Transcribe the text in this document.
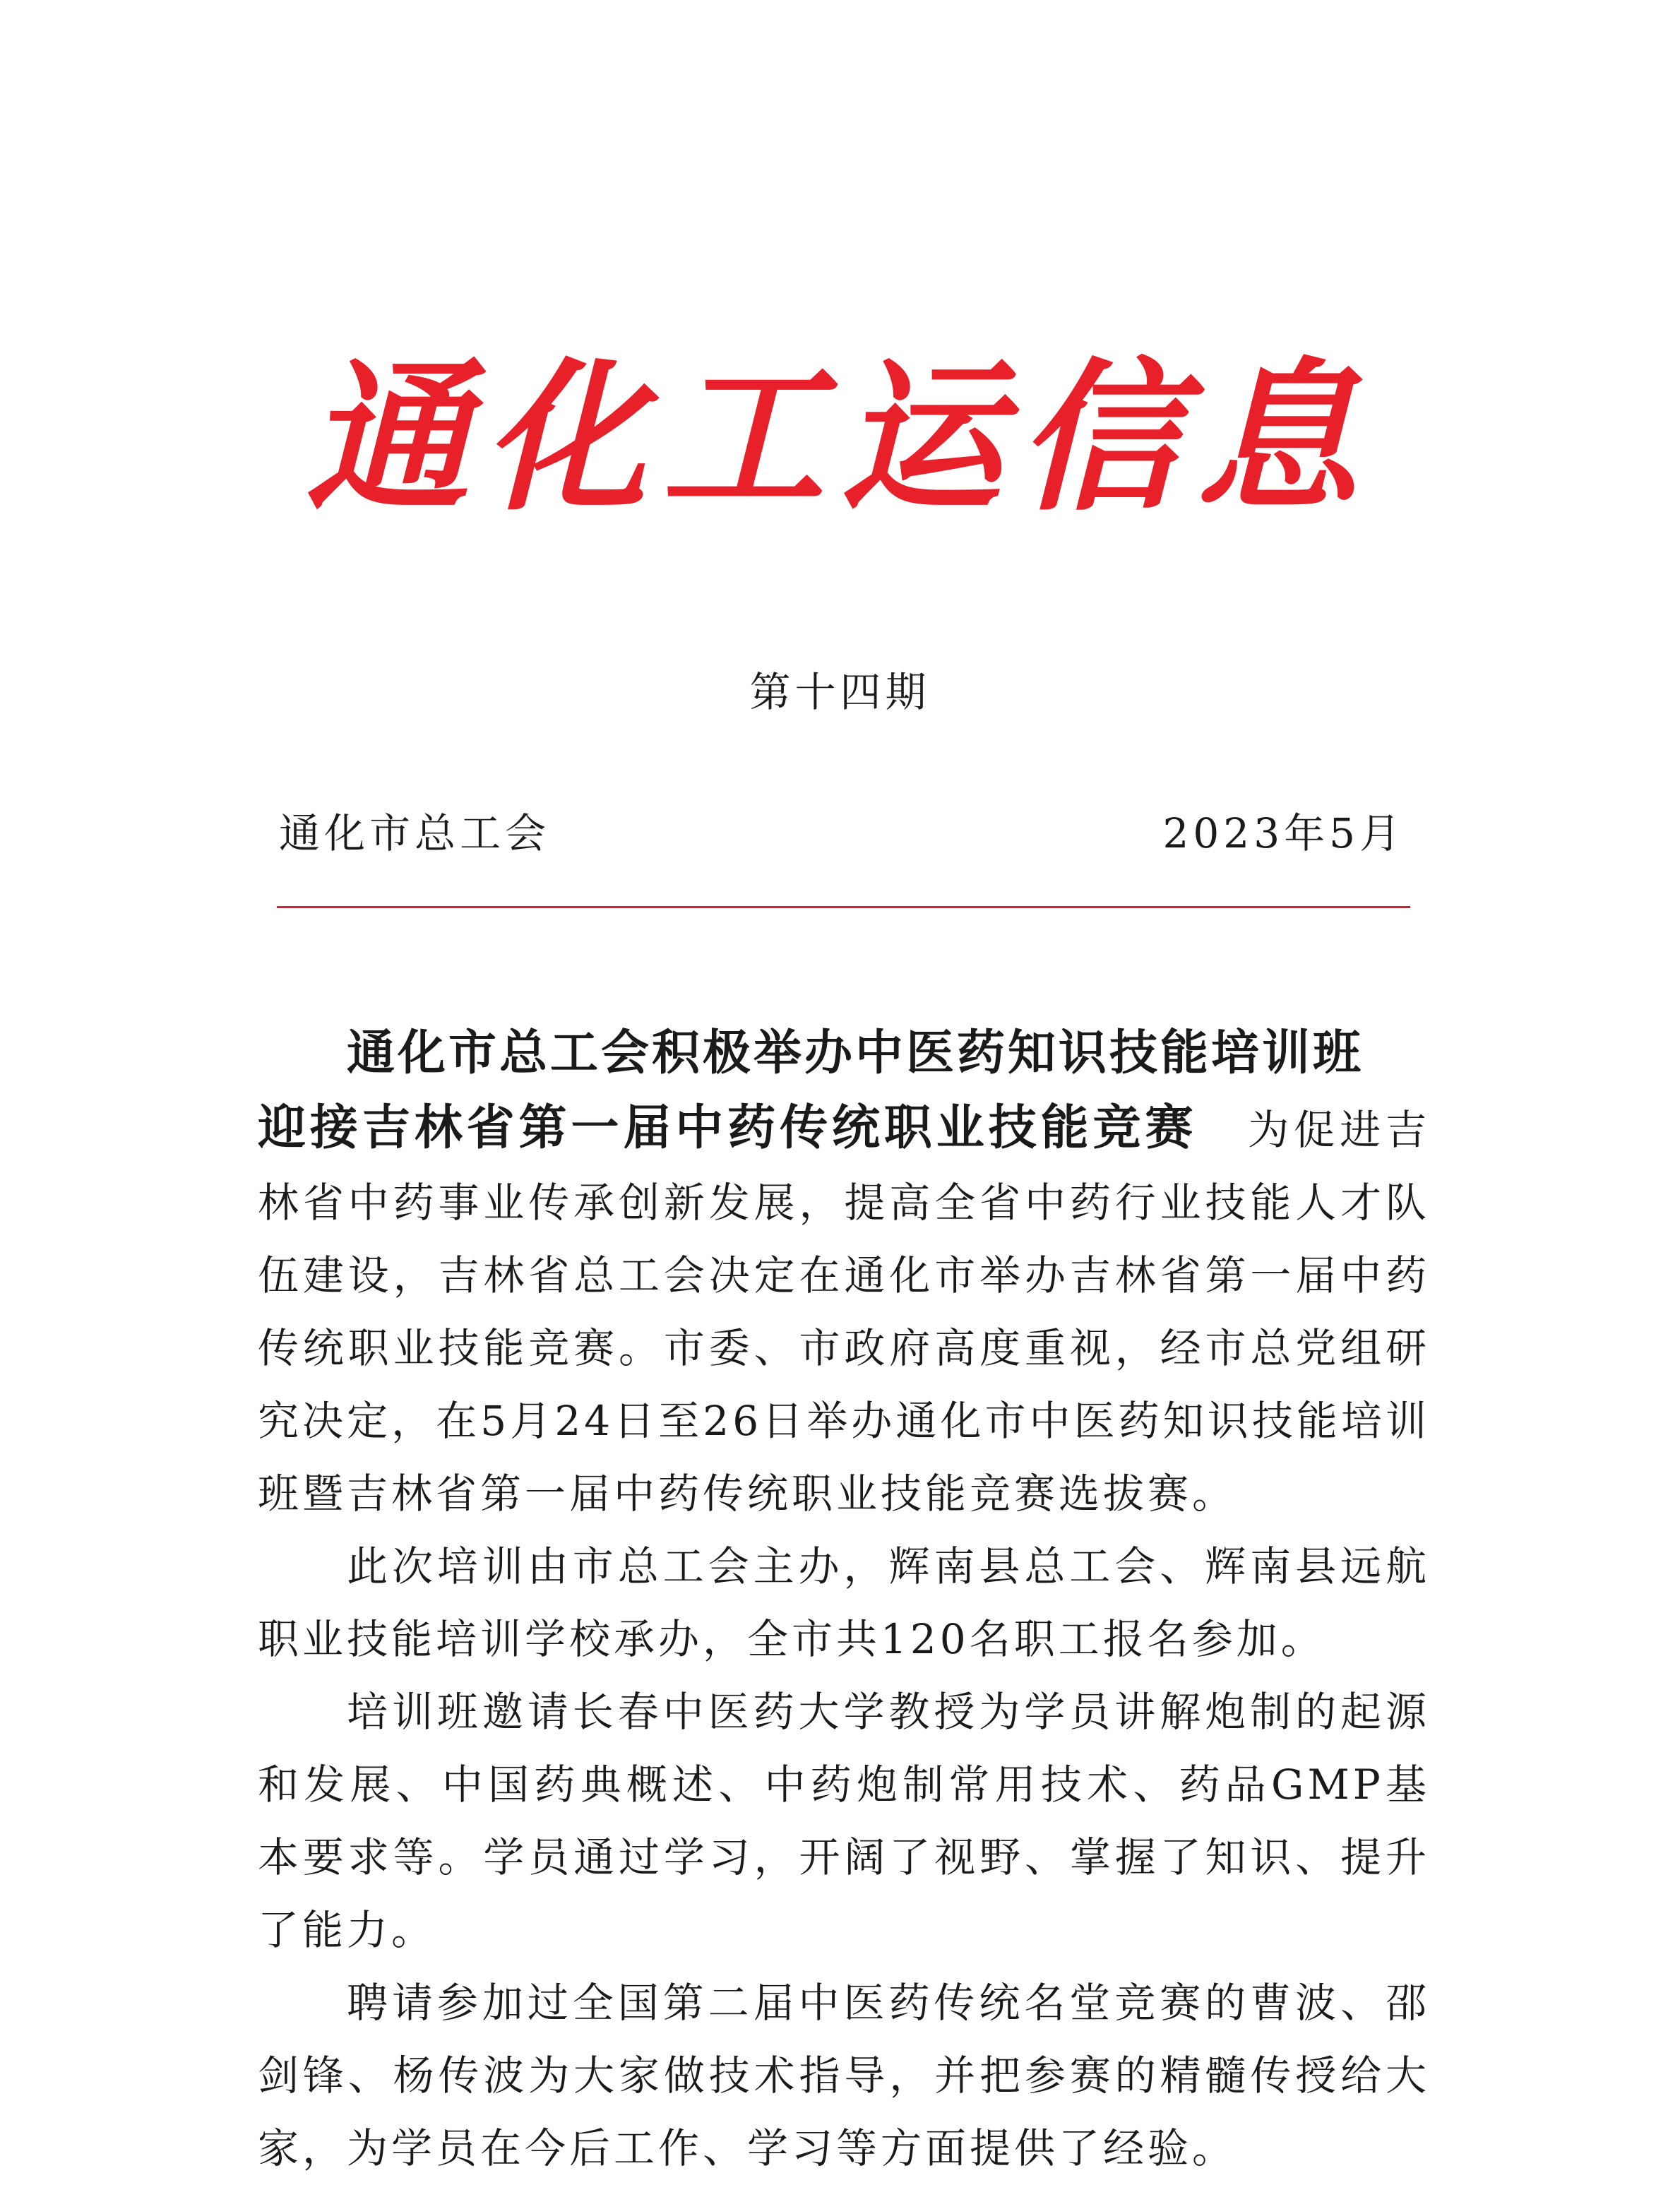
通化工运信息
第十四期
通化市总工会	2023年5月

通化市总工会积极举办中医药知识技能培训班

迎接吉林省第一届中药传统职业技能竞赛 为促进吉林省中药事业传承创新发展，提高全省中药行业技能人才队伍建设，吉林省总工会决定在通化市举办吉林省第一届中药传统职业技能竞赛。市委、市政府高度重视，经市总党组研究决定，在5月24日至26日举办通化市中医药知识技能培训班暨吉林省第一届中药传统职业技能竞赛选拔赛。

此次培训由市总工会主办，辉南县总工会、辉南县远航职业技能培训学校承办，全市共120名职工报名参加。

培训班邀请长春中医药大学教授为学员讲解炮制的起源和发展、中国药典概述、中药炮制常用技术、药品GMP基本要求等。学员通过学习，开阔了视野、掌握了知识、提升了能力。

聘请参加过全国第二届中医药传统名堂竞赛的曹波、邵剑锋、杨传波为大家做技术指导，并把参赛的精髓传授给大家，为学员在今后工作、学习等方面提供了经验。
